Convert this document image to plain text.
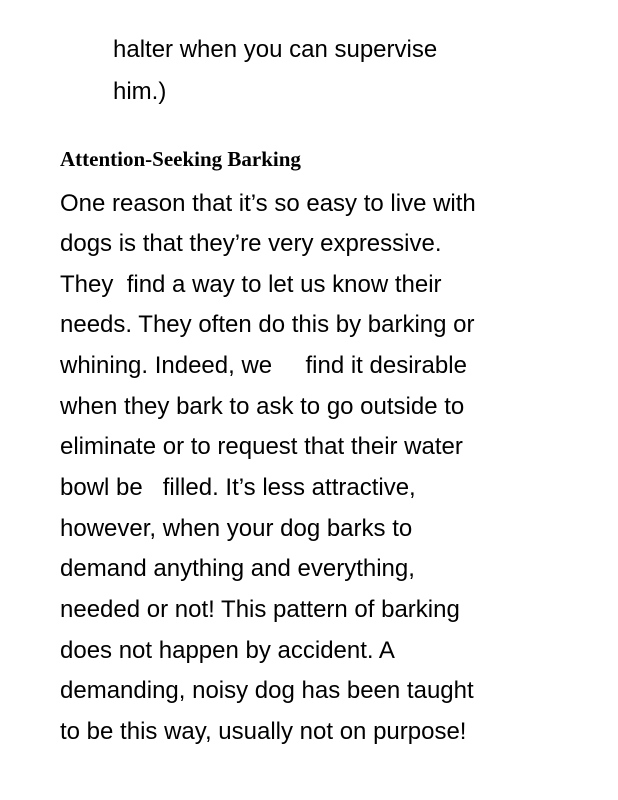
halter when you can supervise

him.)

Attention-Seeking Barking

One reason that it’s so easy to live with

dogs is that they’re very expressive.

They  find a way to let us know their

needs. They often do this by barking or

whining. Indeed, we     find it desirable

when they bark to ask to go outside to

eliminate or to request that their water

bowl be   filled. It’s less attractive,

however, when your dog barks to

demand anything and everything,

needed or not! This pattern of barking

does not happen by accident. A

demanding, noisy dog has been taught

to be this way, usually not on purpose!
